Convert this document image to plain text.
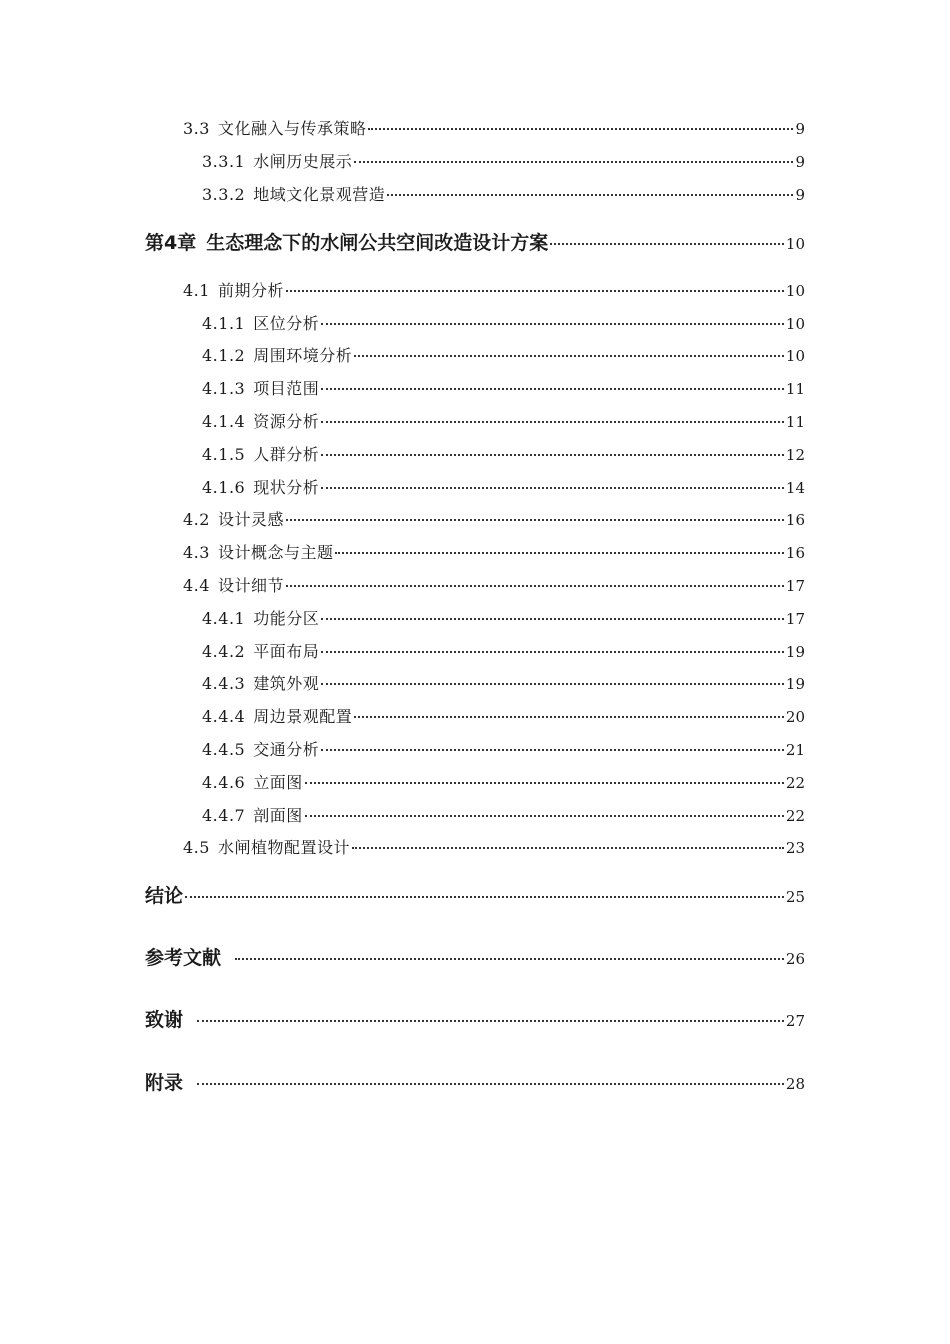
3.3 文化融入与传承策略	9
3.3.1 水闸历史展示	9
3.3.2 地域文化景观营造	9
第4章 生态理念下的水闸公共空间改造设计方案	10
4.1 前期分析	10
4.1.1 区位分析	10
4.1.2 周围环境分析	10
4.1.3 项目范围	11
4.1.4 资源分析	11
4.1.5 人群分析	12
4.1.6 现状分析	14
4.2 设计灵感	16
4.3 设计概念与主题	16
4.4 设计细节	17
4.4.1 功能分区	17
4.4.2 平面布局	19
4.4.3 建筑外观	19
4.4.4 周边景观配置	20
4.4.5 交通分析	21
4.4.6 立面图	22
4.4.7 剖面图	22
4.5 水闸植物配置设计	23
结论	25
参考文献	26
致谢	27
附录	28
